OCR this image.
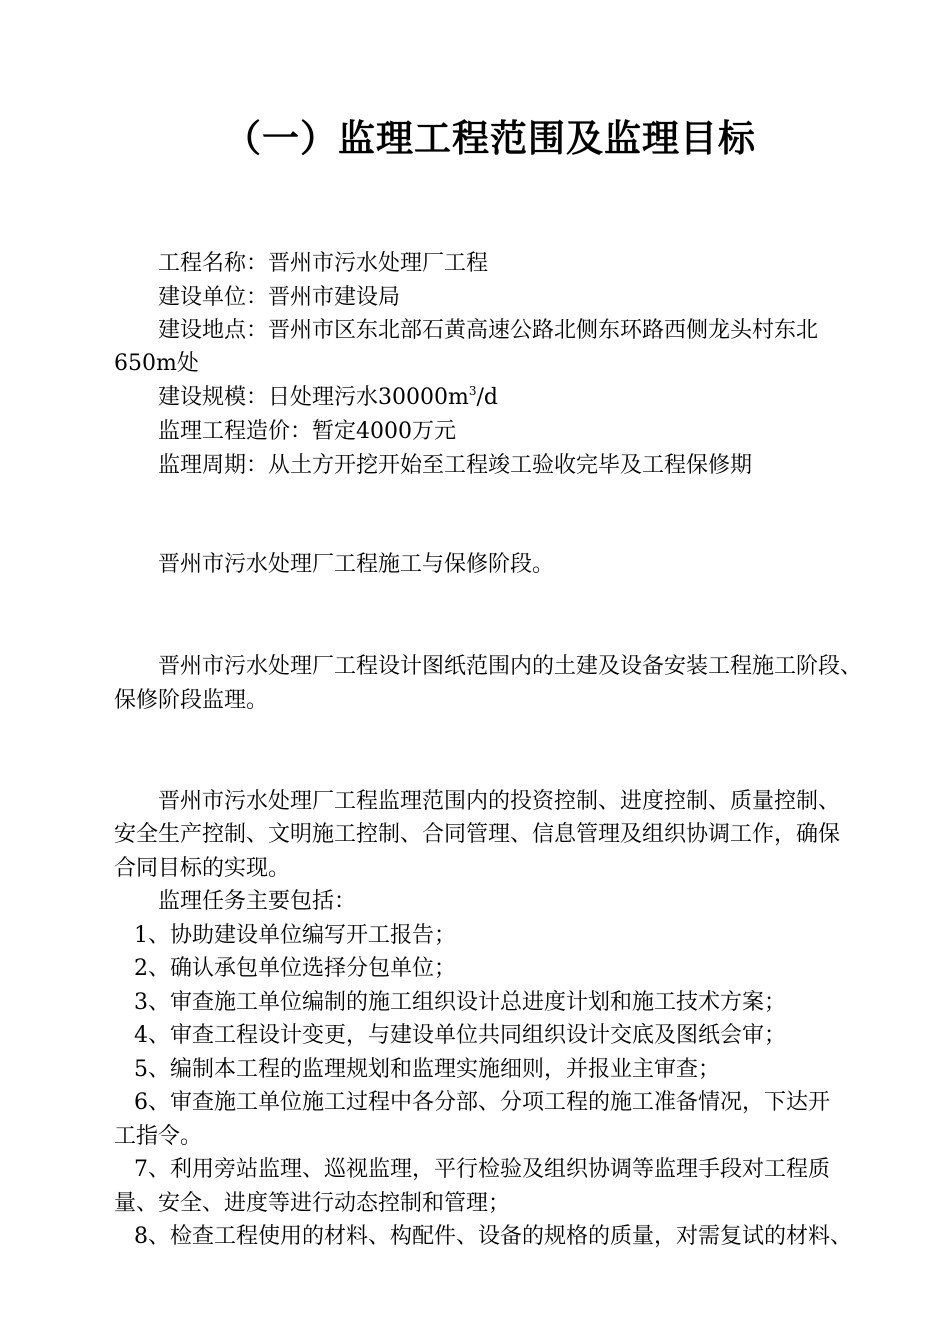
（一）监理工程范围及监理目标
工程名称：晋州市污水处理厂工程
建设单位：晋州市建设局
建设地点：晋州市区东北部石黄高速公路北侧东环路西侧龙头村东北
650m处
建设规模：日处理污水$30000m^3/d$
监理工程造价：暂定4000万元
监理周期：从土方开挖开始至工程竣工验收完毕及工程保修期
晋州市污水处理厂工程施工与保修阶段。
晋州市污水处理厂工程设计图纸范围内的土建及设备安装工程施工阶段、
保修阶段监理。
晋州市污水处理厂工程监理范围内的投资控制、进度控制、质量控制、
安全生产控制、文明施工控制、合同管理、信息管理及组织协调工作，确保
合同目标的实现。
监理任务主要包括：
1、协助建设单位编写开工报告；
2、确认承包单位选择分包单位；
3、审查施工单位编制的施工组织设计总进度计划和施工技术方案；
4、审查工程设计变更，与建设单位共同组织设计交底及图纸会审；
5、编制本工程的监理规划和监理实施细则，并报业主审查；
6、审查施工单位施工过程中各分部、分项工程的施工准备情况，下达开
工指令。
7、利用旁站监理、巡视监理，平行检验及组织协调等监理手段对工程质
量、安全、进度等进行动态控制和管理；
8、检查工程使用的材料、构配件、设备的规格的质量，对需复试的材料、
